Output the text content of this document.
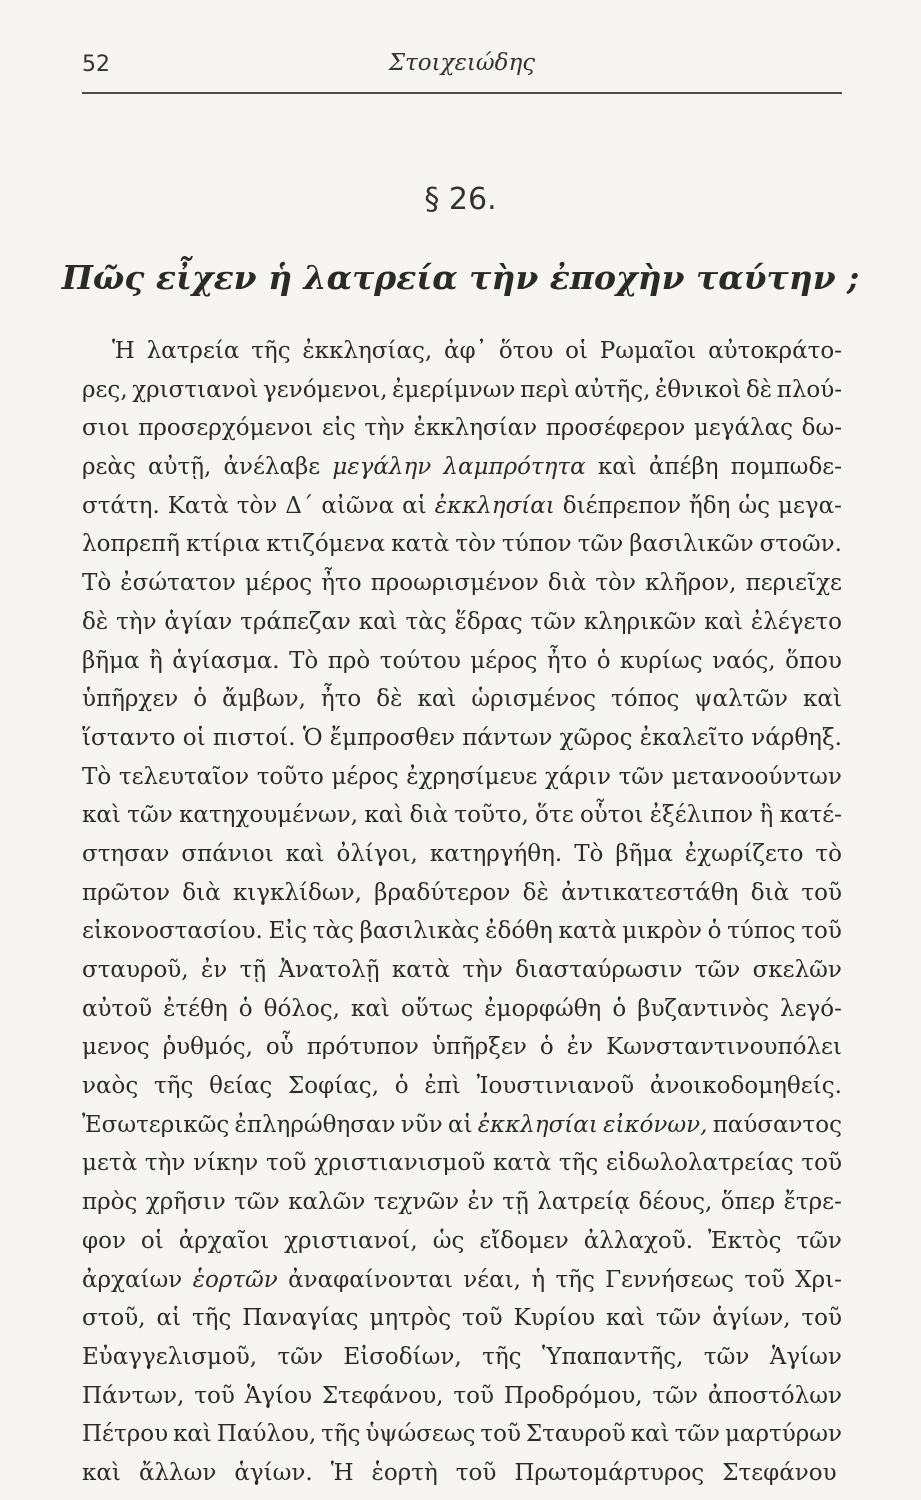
52	Στοιχειώδης
§ 26.
Πῶς εἶχεν ἡ λατρεία τὴν ἐποχὴν ταύτην ;
Ἡ λατρεία τῆς ἐκκλησίας, ἀφ᾽ ὅτου οἱ Ρωμαῖοι αὐτοκράτο-
ρες, χριστιανοὶ γενόμενοι, ἐμερίμνων περὶ αὐτῆς, ἐθνικοὶ δὲ πλού-
σιοι προσερχόμενοι εἰς τὴν ἐκκλησίαν προσέφερον μεγάλας δω-
ρεὰς αὐτῇ, ἀνέλαβε μεγάλην λαμπρότητα καὶ ἀπέβη πομπωδε-
στάτη. Κατὰ τὸν Δ´ αἰῶνα αἱ ἐκκλησίαι διέπρεπον ἤδη ὡς μεγα-
λοπρεπῆ κτίρια κτιζόμενα κατὰ τὸν τύπον τῶν βασιλικῶν στοῶν.
Τὸ ἐσώτατον μέρος ἦτο προωρισμένον διὰ τὸν κλῆρον, περιεῖχε
δὲ τὴν ἁγίαν τράπεζαν καὶ τὰς ἕδρας τῶν κληρικῶν καὶ ἐλέγετο
βῆμα ἢ ἁγίασμα. Τὸ πρὸ τούτου μέρος ἦτο ὁ κυρίως ναός, ὅπου
ὑπῆρχεν ὁ ἄμβων, ἦτο δὲ καὶ ὡρισμένος τόπος ψαλτῶν καὶ
ἵσταντο οἱ πιστοί. Ὁ ἔμπροσθεν πάντων χῶρος ἐκαλεῖτο νάρθηξ.
Τὸ τελευταῖον τοῦτο μέρος ἐχρησίμευε χάριν τῶν μετανοούντων
καὶ τῶν κατηχουμένων, καὶ διὰ τοῦτο, ὅτε οὗτοι ἐξέλιπον ἢ κατέ-
στησαν σπάνιοι καὶ ὀλίγοι, κατηργήθη. Τὸ βῆμα ἐχωρίζετο τὸ
πρῶτον διὰ κιγκλίδων, βραδύτερον δὲ ἀντικατεστάθη διὰ τοῦ
εἰκονοστασίου. Εἰς τὰς βασιλικὰς ἐδόθη κατὰ μικρὸν ὁ τύπος τοῦ
σταυροῦ, ἐν τῇ Ἀνατολῇ κατὰ τὴν διασταύρωσιν τῶν σκελῶν
αὐτοῦ ἐτέθη ὁ θόλος, καὶ οὕτως ἐμορφώθη ὁ βυζαντινὸς λεγό-
μενος ῥυθμός, οὗ πρότυπον ὑπῆρξεν ὁ ἐν Κωνσταντινουπόλει
ναὸς τῆς θείας Σοφίας, ὁ ἐπὶ Ἰουστινιανοῦ ἀνοικοδομηθείς.
Ἐσωτερικῶς ἐπληρώθησαν νῦν αἱ ἐκκλησίαι εἰκόνων, παύσαντος
μετὰ τὴν νίκην τοῦ χριστιανισμοῦ κατὰ τῆς εἰδωλολατρείας τοῦ
πρὸς χρῆσιν τῶν καλῶν τεχνῶν ἐν τῇ λατρείᾳ δέους, ὅπερ ἔτρε-
φον οἱ ἀρχαῖοι χριστιανοί, ὡς εἴδομεν ἀλλαχοῦ. Ἐκτὸς τῶν
ἀρχαίων ἑορτῶν ἀναφαίνονται νέαι, ἡ τῆς Γεννήσεως τοῦ Χρι-
στοῦ, αἱ τῆς Παναγίας μητρὸς τοῦ Κυρίου καὶ τῶν ἁγίων, τοῦ
Εὐαγγελισμοῦ, τῶν Εἰσοδίων, τῆς Ὑπαπαντῆς, τῶν Ἁγίων
Πάντων, τοῦ Ἁγίου Στεφάνου, τοῦ Προδρόμου, τῶν ἀποστόλων
Πέτρου καὶ Παύλου, τῆς ὑψώσεως τοῦ Σταυροῦ καὶ τῶν μαρτύρων
καὶ ἄλλων ἁγίων. Ἡ ἑορτὴ τοῦ Πρωτομάρτυρος Στεφάνου
